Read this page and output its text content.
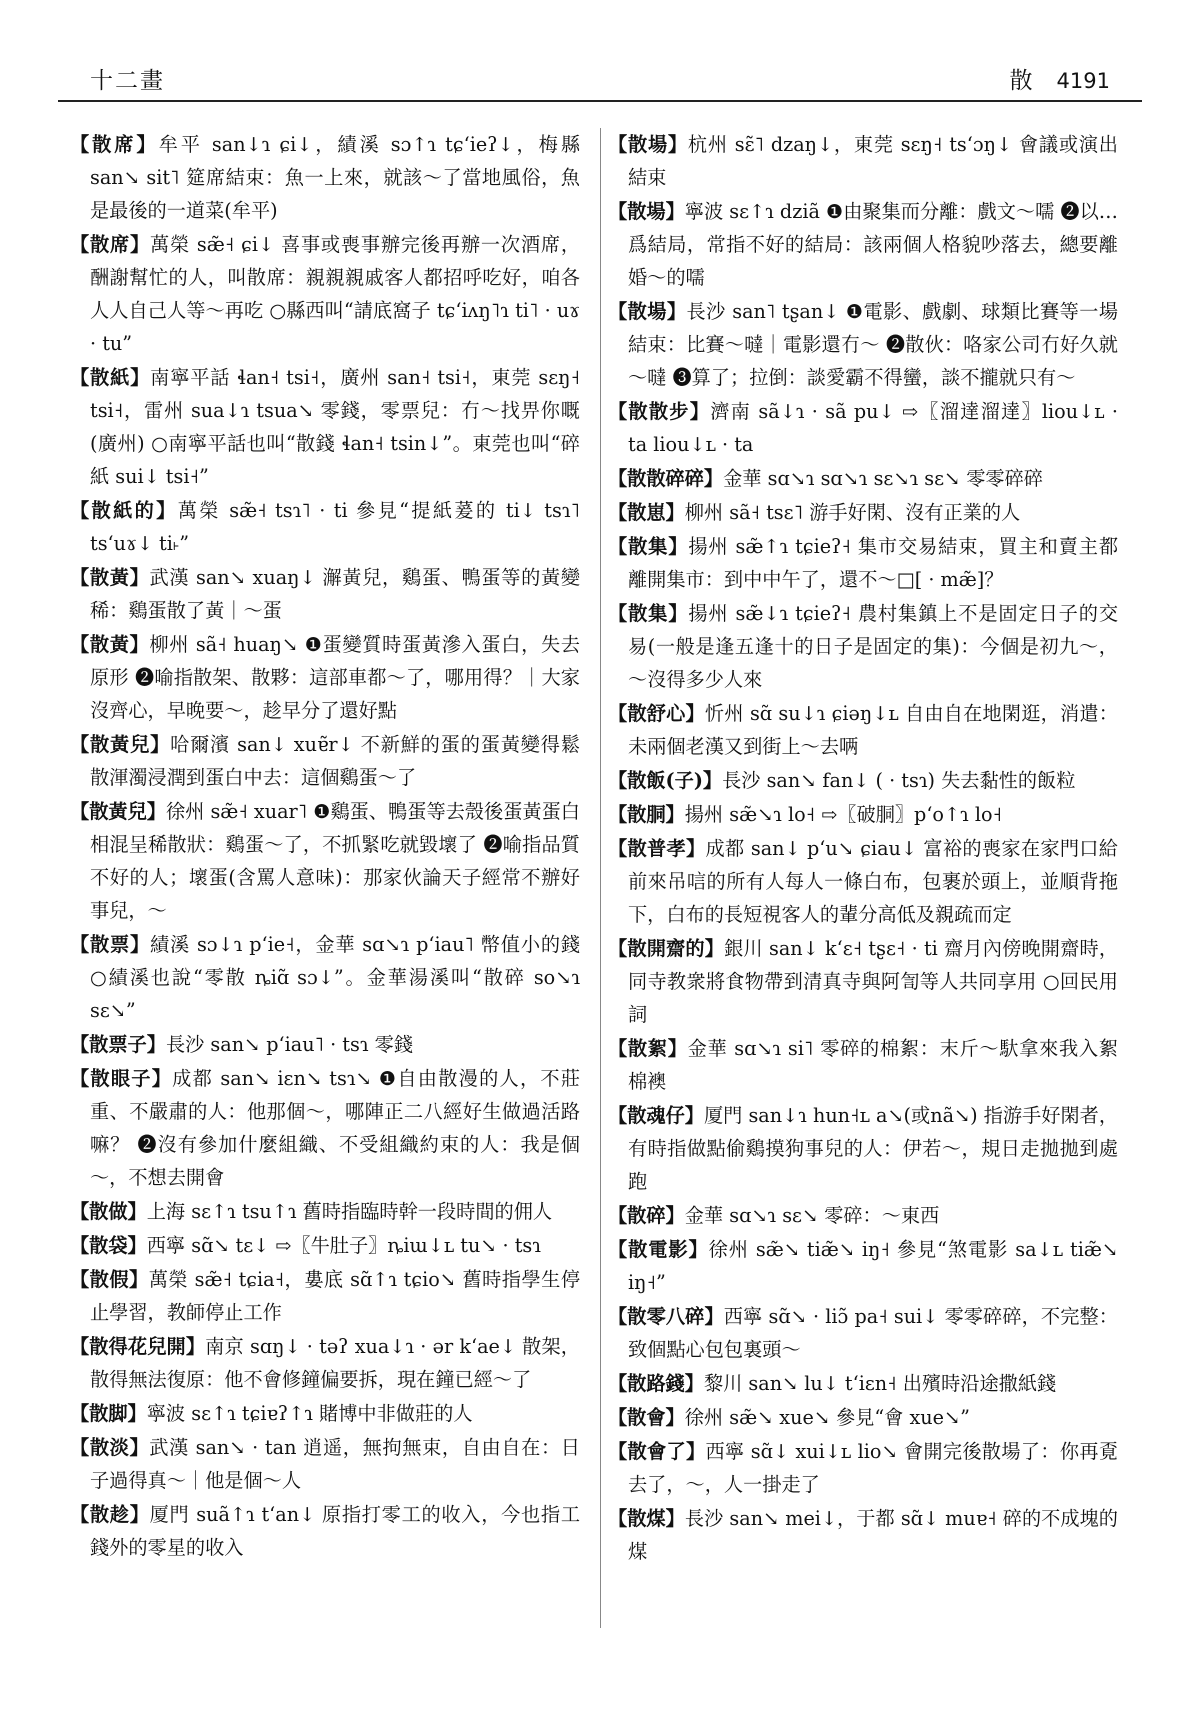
十二畫	散 4191

【散席】牟平 san↓ɿ ɕi↓，績溪 sɔ↑ɿ tɕʻieʔ↓，梅縣 san↘ sit˥ 筵席結束：魚一上來，就該～了當地風俗，魚是最後的一道菜(牟平)

【散席】萬榮 sæ̃˧ ɕi↓ 喜事或喪事辦完後再辦一次酒席，酬謝幫忙的人，叫散席：親親親戚客人都招呼吃好，咱各人人自己人等～再吃 ○縣西叫“請底窩子 tɕʻiʌŋ˥ɿ ti˥ · uɤ · tu”

【散紙】南寧平話 ɬan˧ tsi˧，廣州 san˧ tsi˧，東莞 sɛŋ˧ tsi˧，雷州 sua↓ɿ tsua↘ 零錢，零票兒：冇～找畀你嘅(廣州) ○南寧平話也叫“散錢 ɬan˧ tsin↓”。東莞也叫“碎紙 sui↓ tsi˧”

【散紙的】萬榮 sæ̃˧ tsɿ˥ · ti 參見“提紙萲的 ti↓ tsɿ˥ tsʻuɤ↓ ti˫”

【散黃】武漢 san↘ xuaŋ↓ 澥黃兒，鷄蛋、鴨蛋等的黃變稀：鷄蛋散了黃｜～蛋

【散黃】柳州 sã˧ huaŋ↘ ❶蛋變質時蛋黃滲入蛋白，失去原形 ❷喻指散架、散夥：這部車都～了，哪用得？｜大家沒齊心，早晚要～，趁早分了還好點

【散黃兒】哈爾濱 san↓ xuɐ̃r↓ 不新鮮的蛋的蛋黃變得鬆散渾濁浸潤到蛋白中去：這個鷄蛋～了

【散黃兒】徐州 sæ̃˧ xuar˥ ❶鷄蛋、鴨蛋等去殼後蛋黃蛋白相混呈稀散狀：鷄蛋～了，不抓緊吃就毀壞了 ❷喻指品質不好的人；壞蛋(含罵人意味)：那家伙論天子經常不辦好事兒，～

【散票】績溪 sɔ↓ɿ pʻie˧，金華 sɑ↘ɿ pʻiau˥ 幣值小的錢 ○績溪也說“零散 ȵiɑ̃ sɔ↓”。金華湯溪叫“散碎 so↘ɿ sɛ↘”

【散票子】長沙 san↘ pʻiau˥ · tsɿ 零錢

【散眼子】成都 san↘ iɛn↘ tsɿ↘ ❶自由散漫的人，不莊重、不嚴肅的人：他那個～，哪陣正二八經好生做過活路嘛？ ❷沒有參加什麼組織、不受組織約束的人：我是個～，不想去開會

【散做】上海 sɛ↑ɿ tsu↑ɿ 舊時指臨時幹一段時間的佣人

【散袋】西寧 sɑ̃↘ tɛ↓ ⇨〖牛肚子〗ȵiɯ↓ʟ tu↘ · tsɿ

【散假】萬榮 sæ̃˧ tɕia˧，婁底 sɑ̃↑ɿ tɕio↘ 舊時指學生停止學習，教師停止工作

【散得花兒開】南京 sɑŋ↓ · təʔ xua↓ɿ · ər kʻae↓ 散架，散得無法復原：他不會修鐘偏要拆，現在鐘已經～了

【散脚】寧波 sɛ↑ɿ tɕiɐʔ↑ɿ 賭博中非做莊的人

【散淡】武漢 san↘ · tan 逍遥，無拘無束，自由自在：日子過得真～｜他是個～人

【散趁】厦門 suã↑ɿ tʻan↓ 原指打零工的收入，今也指工錢外的零星的收入

【散場】杭州 sɛ̃˥ dzaŋ↓，東莞 sɛŋ˧ tsʻɔŋ↓ 會議或演出結束

【散場】寧波 sɛ↑ɿ dziã ❶由聚集而分離：戲文～嚅 ❷以…爲結局，常指不好的結局：該兩個人格貌吵落去，總要離婚～的嚅

【散場】長沙 san˥ tʂan↓ ❶電影、戲劇、球類比賽等一場結束：比賽～噠｜電影還冇～ ❷散伙：咯家公司冇好久就～噠 ❸算了；拉倒：談愛霸不得蠻，談不攏就只有～

【散散步】濟南 sã↓ɿ · sã pu↓ ⇨〖溜達溜達〗liou↓ʟ · ta liou↓ʟ · ta

【散散碎碎】金華 sɑ↘ɿ sɑ↘ɿ sɛ↘ɿ sɛ↘ 零零碎碎

【散崽】柳州 sã˧ tsɛ˥ 游手好閑、沒有正業的人

【散集】揚州 sæ̃↑ɿ tɕieʔ˧ 集市交易結束，買主和賣主都離開集市：到中中午了，還不～□[ · mæ̃]？

【散集】揚州 sæ̃↓ɿ tɕieʔ˧ 農村集鎮上不是固定日子的交易(一般是逢五逢十的日子是固定的集)：今個是初九～，～沒得多少人來

【散舒心】忻州 sɑ̃ su↓ɿ ɕiəŋ↓ʟ 自由自在地閑逛，消遣：未兩個老漢又到街上～去唡

【散飯(子)】長沙 san↘ fan↓ ( · tsɿ) 失去黏性的飯粒

【散胴】揚州 sæ̃↘ɿ lo˧ ⇨〖破胴〗pʻo↑ɿ lo˧

【散普孝】成都 san↓ pʻu↘ ɕiau↓ 富裕的喪家在家門口給前來吊唁的所有人每人一條白布，包裹於頭上，並順背拖下，白布的長短視客人的輩分高低及親疏而定

【散開齋的】銀川 san↓ kʻɛ˧ tʂɛ˧ · ti 齋月內傍晚開齋時，同寺教衆將食物帶到清真寺與阿訇等人共同享用 ○回民用詞

【散絮】金華 sɑ↘ɿ si˥ 零碎的棉絮：末斤～馱拿來我入絮棉襖

【散魂仔】厦門 san↓ɿ hun˧ʟ a↘(或nã↘) 指游手好閑者，有時指做點偷鷄摸狗事兒的人：伊若～，規日走拋拋到處跑

【散碎】金華 sɑ↘ɿ sɛ↘ 零碎：～東西

【散電影】徐州 sæ̃↘ tiæ̃↘ iŋ˧ 參見“煞電影 sa↓ʟ tiæ̃↘ iŋ˧”

【散零八碎】西寧 sɑ̃↘ · liɔ̃ pa˧ sui↓ 零零碎碎，不完整：致個點心包包裏頭～

【散路錢】黎川 san↘ lu↓ tʻiɛn˧ 出殯時沿途撒紙錢

【散會】徐州 sæ̃↘ xue↘ 參見“會 xue↘”

【散會了】西寧 sɑ̃↓ xui↓ʟ lio↘ 會開完後散場了：你再覔去了，～，人一掛走了

【散煤】長沙 san↘ mei↓，于都 sɑ̃↓ muɐ˧ 碎的不成塊的煤
